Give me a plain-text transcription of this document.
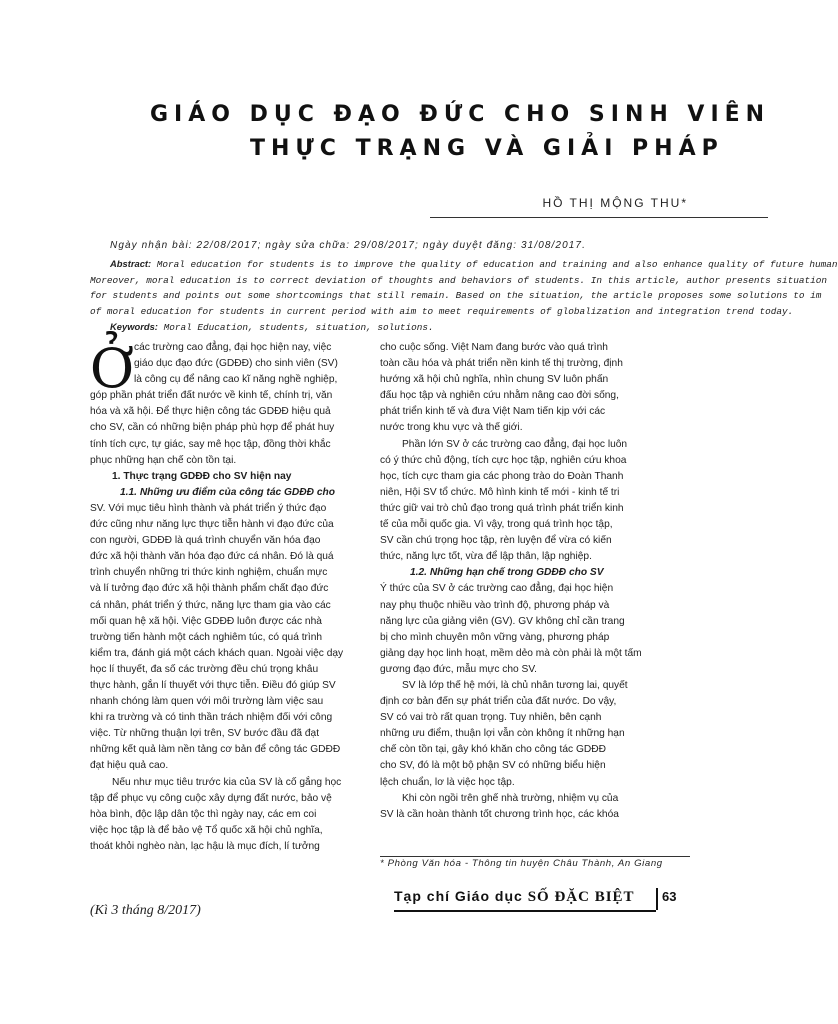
GIÁO DỤC ĐẠO ĐỨC CHO SINH VIÊN
THỰC TRẠNG VÀ GIẢI PHÁP
HỒ THỊ MỘNG THU*
Ngày nhận bài: 22/08/2017; ngày sửa chữa: 29/08/2017; ngày duyệt đăng: 31/08/2017.
Abstract: Moral education for students is to improve the quality of education and training and also enhance quality of future human
Moreover, moral education is to correct deviation of thoughts and behaviors of students. In this article, author presents situation
for students and points out some shortcomings that still remain. Based on the situation, the article proposes some solutions to im
of moral education for students in current period with aim to meet requirements of globalization and integration trend today.
Keywords: Moral Education, students, situation, solutions.
Ở các trường cao đẳng, đại học hiện nay, việc
giáo dục đạo đức (GDĐĐ) cho sinh viên (SV)
là công cụ để nâng cao kĩ năng nghề nghiệp,
góp phần phát triển đất nước về kinh tế, chính trị, văn
hóa và xã hội. Để thực hiện công tác GDĐĐ hiệu quả
cho SV, cần có những biện pháp phù hợp để phát huy
tính tích cực, tự giác, say mê học tập, đồng thời khắc
phục những hạn chế còn tồn tại.
1. Thực trạng GDĐĐ cho SV hiện nay
1.1. Những ưu điểm của công tác GDĐĐ cho
SV. Với mục tiêu hình thành và phát triển ý thức đạo
đức cũng như năng lực thực tiễn hành vi đạo đức của
con người, GDĐĐ là quá trình chuyển văn hóa đạo
đức xã hội thành văn hóa đạo đức cá nhân. Đó là quá
trình chuyển những tri thức kinh nghiệm, chuẩn mực
và lí tưởng đạo đức xã hội thành phẩm chất đạo đức
cá nhân, phát triển ý thức, năng lực tham gia vào các
mối quan hệ xã hội. Việc GDĐĐ luôn được các nhà
trường tiến hành một cách nghiêm túc, có quá trình
kiểm tra, đánh giá một cách khách quan. Ngoài việc dạy
học lí thuyết, đa số các trường đều chú trọng khâu
thực hành, gắn lí thuyết với thực tiễn. Điều đó giúp SV
nhanh chóng làm quen với môi trường làm việc sau
khi ra trường và có tinh thần trách nhiệm đối với công
việc. Từ những thuận lợi trên, SV bước đầu đã đạt
những kết quả làm nền tảng cơ bản để công tác GDĐĐ
đạt hiệu quả cao.
Nếu như mục tiêu trước kia của SV là cố gắng học
tập để phục vụ công cuộc xây dựng đất nước, bảo vệ
hòa bình, độc lập dân tộc thì ngày nay, các em coi
việc học tập là để bảo vệ Tổ quốc xã hội chủ nghĩa,
thoát khỏi nghèo nàn, lạc hậu là mục đích, lí tưởng
cho cuộc sống. Việt Nam đang bước vào quá trình
toàn cầu hóa và phát triển nền kinh tế thị trường, định
hướng xã hội chủ nghĩa, nhìn chung SV luôn phấn
đấu học tập và nghiên cứu nhằm nâng cao đời sống,
phát triển kinh tế và đưa Việt Nam tiến kịp với các
nước trong khu vực và thế giới.
Phần lớn SV ở các trường cao đẳng, đại học luôn
có ý thức chủ động, tích cực học tập, nghiên cứu khoa
học, tích cực tham gia các phong trào do Đoàn Thanh
niên, Hội SV tổ chức. Mô hình kinh tế mới - kinh tế tri
thức giữ vai trò chủ đạo trong quá trình phát triển kinh
tế của mỗi quốc gia. Vì vậy, trong quá trình học tập,
SV cần chú trọng học tập, rèn luyện để vừa có kiến
thức, năng lực tốt, vừa để lập thân, lập nghiệp.
1.2. Những hạn chế trong GDĐĐ cho SV
Ý thức của SV ở các trường cao đẳng, đại học hiện
nay phụ thuộc nhiều vào trình độ, phương pháp và
năng lực của giảng viên (GV). GV không chỉ cần trang
bị cho mình chuyên môn vững vàng, phương pháp
giảng dạy học linh hoạt, mềm dẻo mà còn phải là một tấm
gương đạo đức, mẫu mực cho SV.
SV là lớp thế hệ mới, là chủ nhân tương lai, quyết
định cơ bản đến sự phát triển của đất nước. Do vậy,
SV có vai trò rất quan trọng. Tuy nhiên, bên cạnh
những ưu điểm, thuận lợi vẫn còn không ít những hạn
chế còn tồn tại, gây khó khăn cho công tác GDĐĐ
cho SV, đó là một bộ phận SV có những biểu hiện
lệch chuẩn, lơ là việc học tập.
Khi còn ngồi trên ghế nhà trường, nhiệm vụ của
SV là cần hoàn thành tốt chương trình học, các khóa
* Phòng Văn hóa - Thông tin huyện Châu Thành, An Giang
(Kì 3 tháng 8/2017)
Tạp chí Giáo dục SỐ ĐẶC BIỆT 63
